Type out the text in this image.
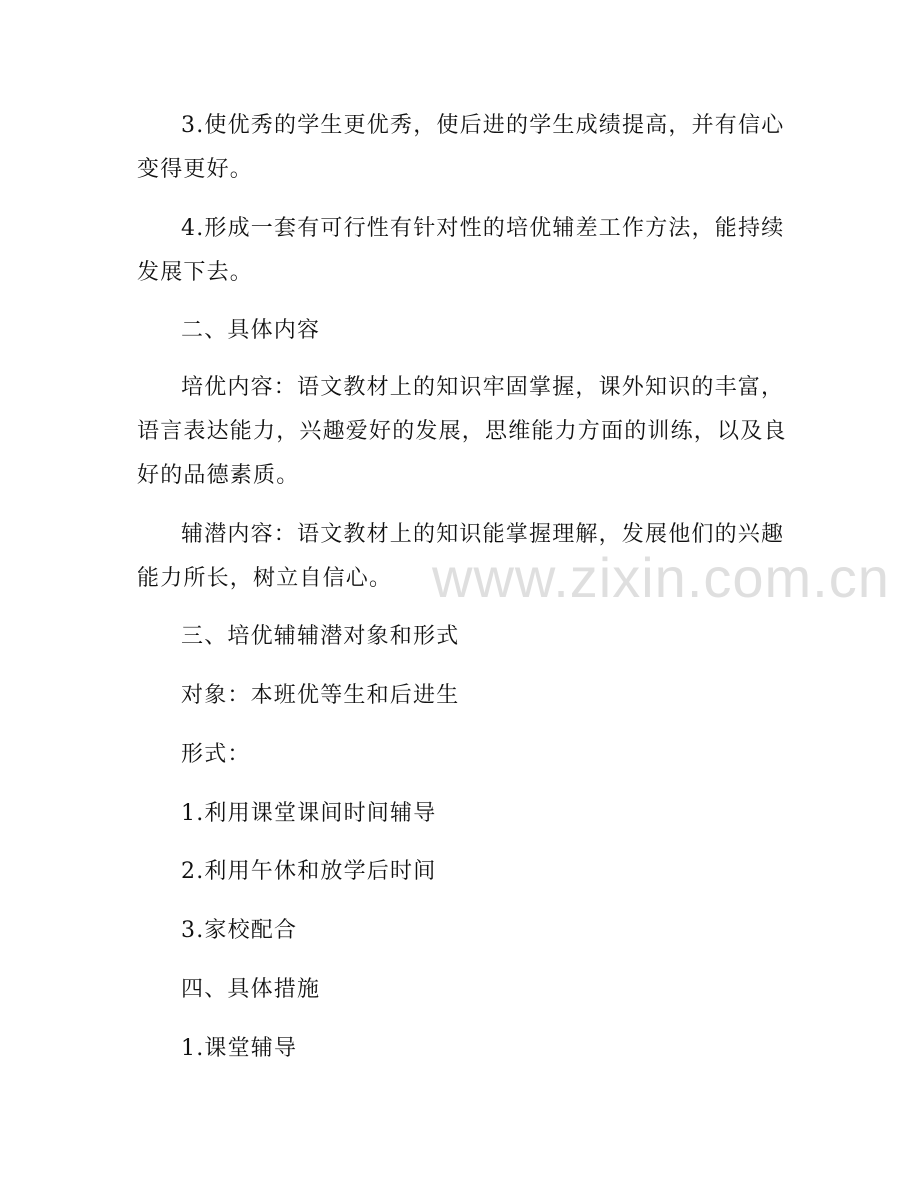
3.使优秀的学生更优秀，使后进的学生成绩提高，并有信心
变得更好。

4.形成一套有可行性有针对性的培优辅差工作方法，能持续
发展下去。

二、具体内容

培优内容：语文教材上的知识牢固掌握，课外知识的丰富，
语言表达能力，兴趣爱好的发展，思维能力方面的训练，以及良
好的品德素质。

辅潜内容：语文教材上的知识能掌握理解，发展他们的兴趣
能力所长，树立自信心。

三、培优辅辅潜对象和形式

对象：本班优等生和后进生

形式：

1.利用课堂课间时间辅导

2.利用午休和放学后时间

3.家校配合

四、具体措施

1.课堂辅导

www.zixin.com.cn
